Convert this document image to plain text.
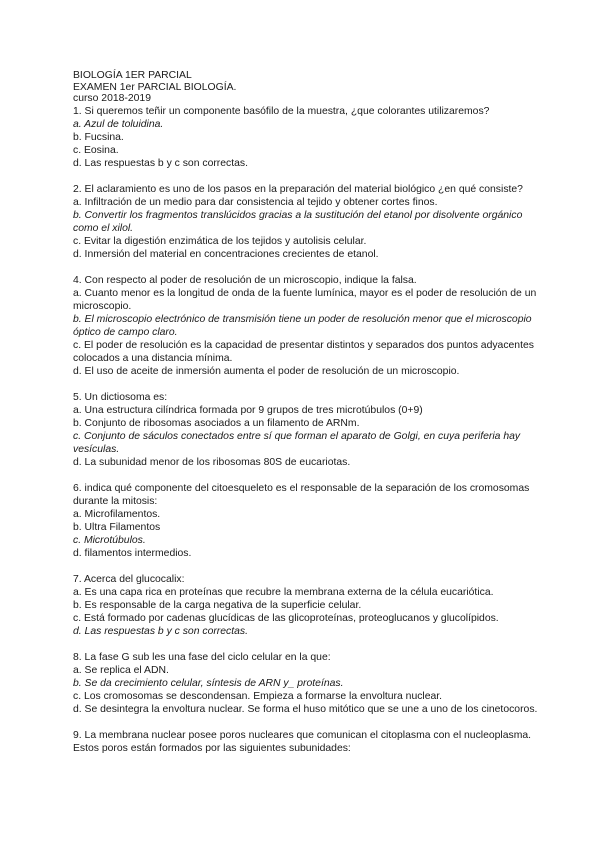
BIOLOGÍA 1ER PARCIAL
EXAMEN 1er PARCIAL BIOLOGÍA.
curso 2018-2019
1. Si queremos teñir un componente basófilo de la muestra, ¿que colorantes utilizaremos?
a. Azul de toluidina.
b. Fucsina.
c. Eosina.
d. Las respuestas b y c son correctas.
2. El aclaramiento es uno de los pasos en la preparación del material biológico ¿en qué consiste?
a. Infiltración de un medio para dar consistencia al tejido y obtener cortes finos.
b. Convertir los fragmentos translúcidos gracias a la sustitución del etanol por disolvente orgánico como el xilol.
c. Evitar la digestión enzimática de los tejidos y autolisis celular.
d. Inmersión del material en concentraciones crecientes de etanol.
4. Con respecto al poder de resolución de un microscopio, indique la falsa.
a. Cuanto menor es la longitud de onda de la fuente lumínica, mayor es el poder de resolución de un microscopio.
b. El microscopio electrónico de transmisión tiene un poder de resolución menor que el microscopio óptico de campo claro.
c. El poder de resolución es la capacidad de presentar distintos y separados dos puntos adyacentes colocados a una distancia mínima.
d. El uso de aceite de inmersión aumenta el poder de resolución de un microscopio.
5. Un dictiosoma es:
a. Una estructura cilíndrica formada por 9 grupos de tres microtúbulos (0+9)
b. Conjunto de ribosomas asociados a un filamento de ARNm.
c. Conjunto de sáculos conectados entre sí que forman el aparato de Golgi, en cuya periferia hay vesículas.
d. La subunidad menor de los ribosomas 80S de eucariotas.
6. indica qué componente del citoesqueleto es el responsable de la separación de los cromosomas durante la mitosis:
a. Microfilamentos.
b. Ultra Filamentos
c. Microtúbulos.
d. filamentos intermedios.
7. Acerca del glucocalix:
a. Es una capa rica en proteínas que recubre la membrana externa de la célula eucariótica.
b. Es responsable de la carga negativa de la superficie celular.
c. Está formado por cadenas glucídicas de las glicoproteínas, proteoglucanos y glucolípidos.
d. Las respuestas b y c son correctas.
8. La fase G sub les una fase del ciclo celular en la que:
a. Se replica el ADN.
b. Se da crecimiento celular, síntesis de ARN y_ proteínas.
c. Los cromosomas se descondensan. Empieza a formarse la envoltura nuclear.
d. Se desintegra la envoltura nuclear. Se forma el huso mitótico que se une a uno de los cinetocoros.
9. La membrana nuclear posee poros nucleares que comunican el citoplasma con el nucleoplasma. Estos poros están formados por las siguientes subunidades:
